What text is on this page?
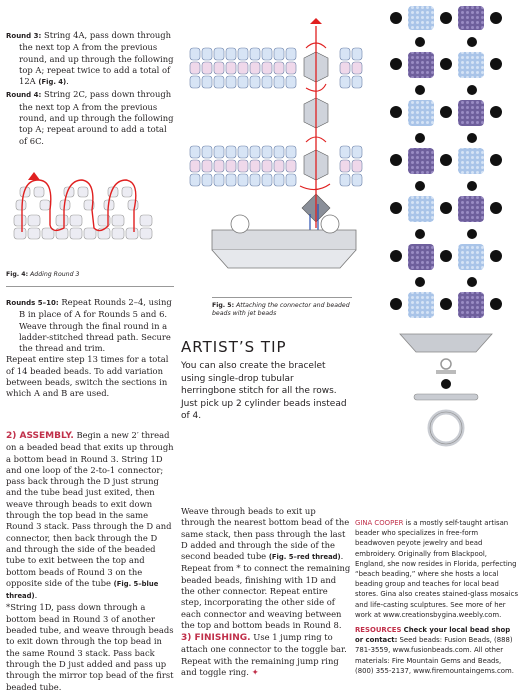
Round 3: String 4A, pass down through the next top A from the previous round, and up through the following top A; repeat twice to add a total of 12A (Fig. 4).
Round 4: String 2C, pass down through the next top A from the previous round, and up through the following top A; repeat around to add a total of 6C.
Fig. 4: Adding Round 3
Rounds 5–10: Repeat Rounds 2–4, using B in place of A for Rounds 5 and 6. Weave through the final round in a ladder-stitched thread path. Secure the thread and trim.
Repeat entire step 13 times for a total of 14 beaded beads. To add variation between beads, switch the sections in which A and B are used.
Fig. 5: Attaching the connector and beaded beads with jet beads
ARTIST’S TIP
You can also create the bracelet using single-drop tubular herringbone stitch for all the rows. Just pick up 2 cylinder beads instead of 4.
2) ASSEMBLY. Begin a new 2′ thread on a beaded bead that exits up through a bottom bead in Round 3. String 1D and one loop of the 2-to-1 connector; pass back through the D just strung and the tube bead just exited, then weave through beads to exit down through the top bead in the same Round 3 stack. Pass through the D and connector, then back through the D and through the side of the beaded tube to exit between the top and bottom beads of Round 3 on the opposite side of the tube (Fig. 5–blue thread).
*String 1D, pass down through a bottom bead in Round 3 of another beaded tube, and weave through beads to exit down through the top bead in the same Round 3 stack. Pass back through the D just added and pass up through the mirror top bead of the first beaded tube.
Weave through beads to exit up through the nearest bottom bead of the same stack, then pass through the last D added and through the side of the second beaded tube (Fig. 5–red thread). Repeat from * to connect the remaining beaded beads, finishing with 1D and the other connector. Repeat entire step, incorporating the other side of each connector and weaving between the top and bottom beads in Round 8.
3) FINISHING. Use 1 jump ring to attach one connector to the toggle bar. Repeat with the remaining jump ring and toggle ring. ✦
GINA COOPER is a mostly self-taught artisan beader who specializes in free-form beadwoven peyote jewelry and bead embroidery. Originally from Blackpool, England, she now resides in Florida, perfecting “beach beading,” where she hosts a local beading group and teaches for local bead stores. Gina also creates stained-glass mosaics and life-casting sculptures. See more of her work at www.creationsbygina.weebly.com.
RESOURCES Check your local bead shop or contact: Seed beads: Fusion Beads, (888) 781-3559, www.fusionbeads.com. All other materials: Fire Mountain Gems and Beads, (800) 355-2137, www.firemountaingems.com.
